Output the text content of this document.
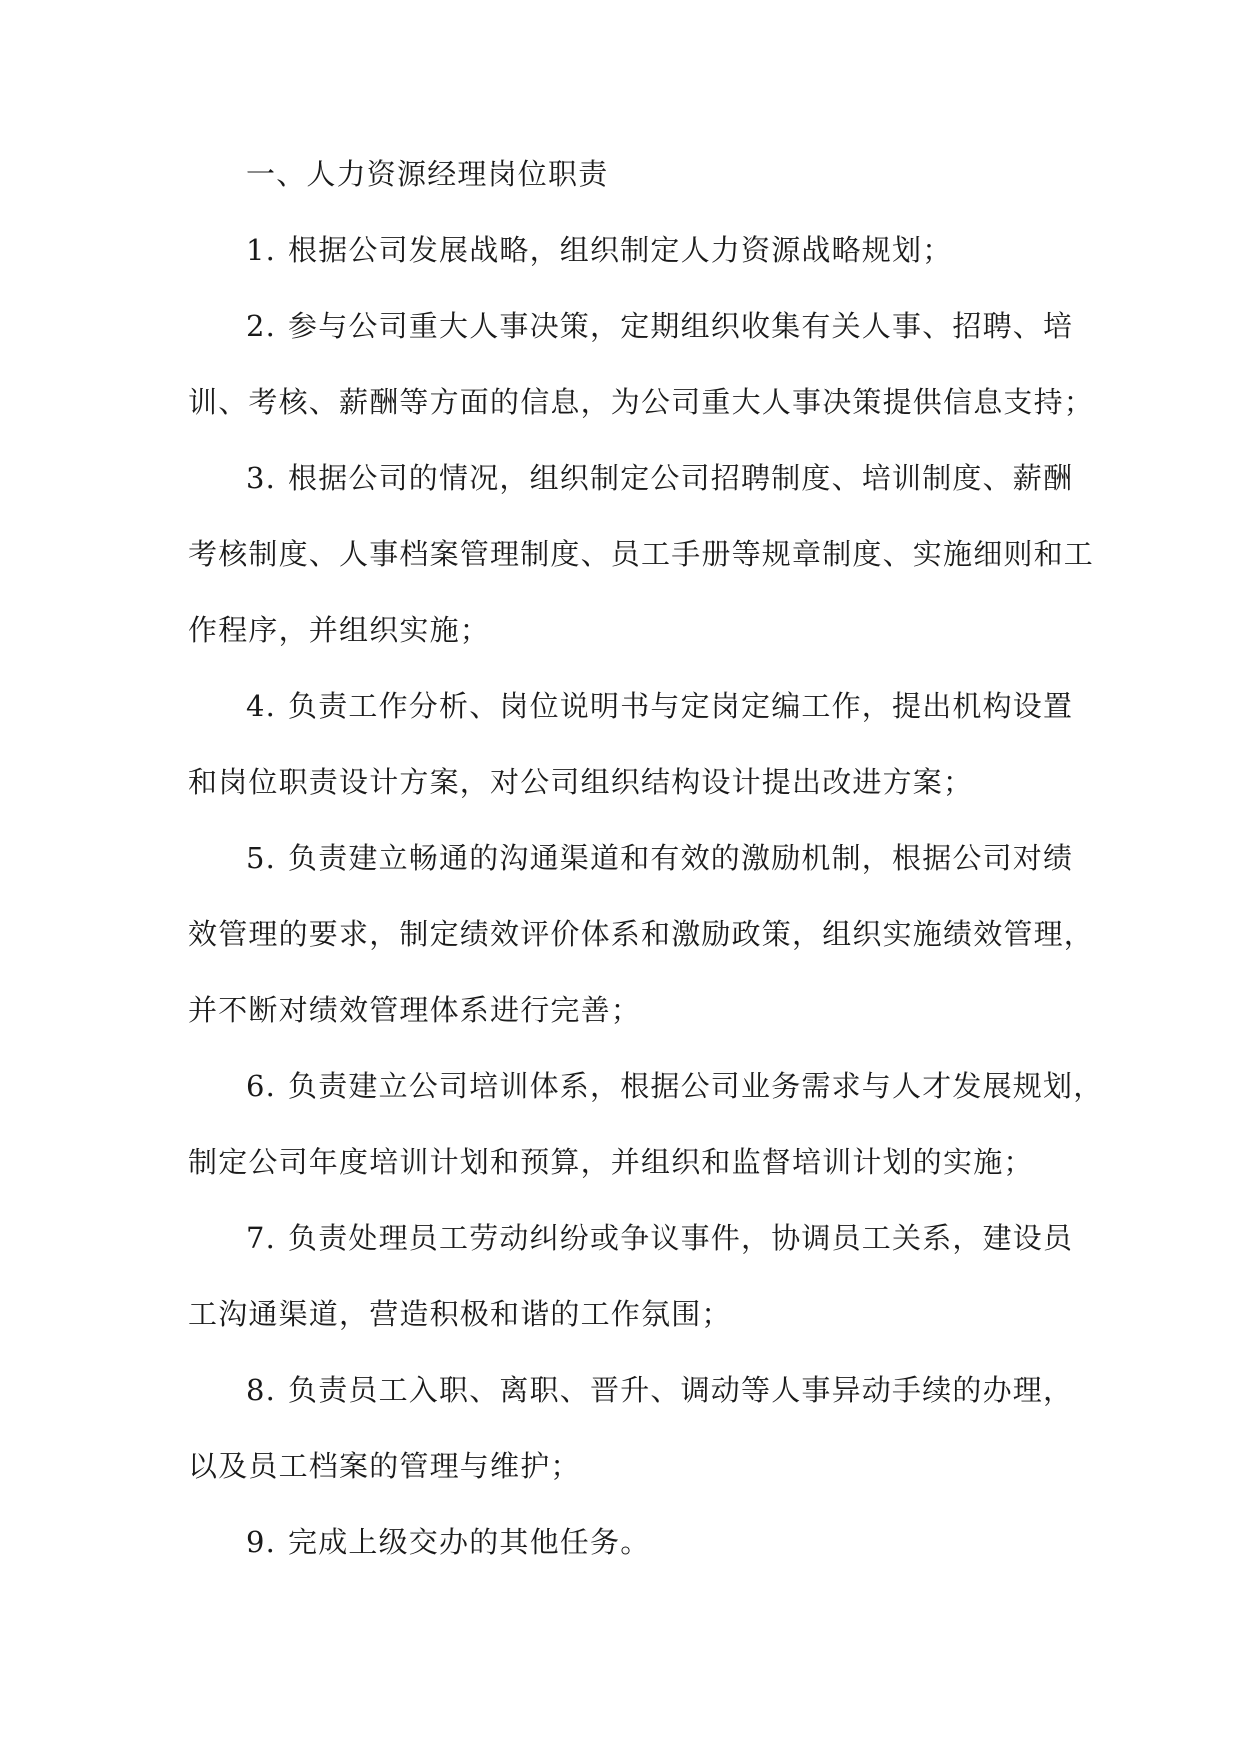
一、人力资源经理岗位职责
1. 根据公司发展战略，组织制定人力资源战略规划；
2. 参与公司重大人事决策，定期组织收集有关人事、招聘、培
训、考核、薪酬等方面的信息，为公司重大人事决策提供信息支持；
3. 根据公司的情况，组织制定公司招聘制度、培训制度、薪酬
考核制度、人事档案管理制度、员工手册等规章制度、实施细则和工
作程序，并组织实施；
4. 负责工作分析、岗位说明书与定岗定编工作，提出机构设置
和岗位职责设计方案，对公司组织结构设计提出改进方案；
5. 负责建立畅通的沟通渠道和有效的激励机制，根据公司对绩
效管理的要求，制定绩效评价体系和激励政策，组织实施绩效管理，
并不断对绩效管理体系进行完善；
6. 负责建立公司培训体系，根据公司业务需求与人才发展规划，
制定公司年度培训计划和预算，并组织和监督培训计划的实施；
7. 负责处理员工劳动纠纷或争议事件，协调员工关系，建设员
工沟通渠道，营造积极和谐的工作氛围；
8. 负责员工入职、离职、晋升、调动等人事异动手续的办理，
以及员工档案的管理与维护；
9. 完成上级交办的其他任务。
